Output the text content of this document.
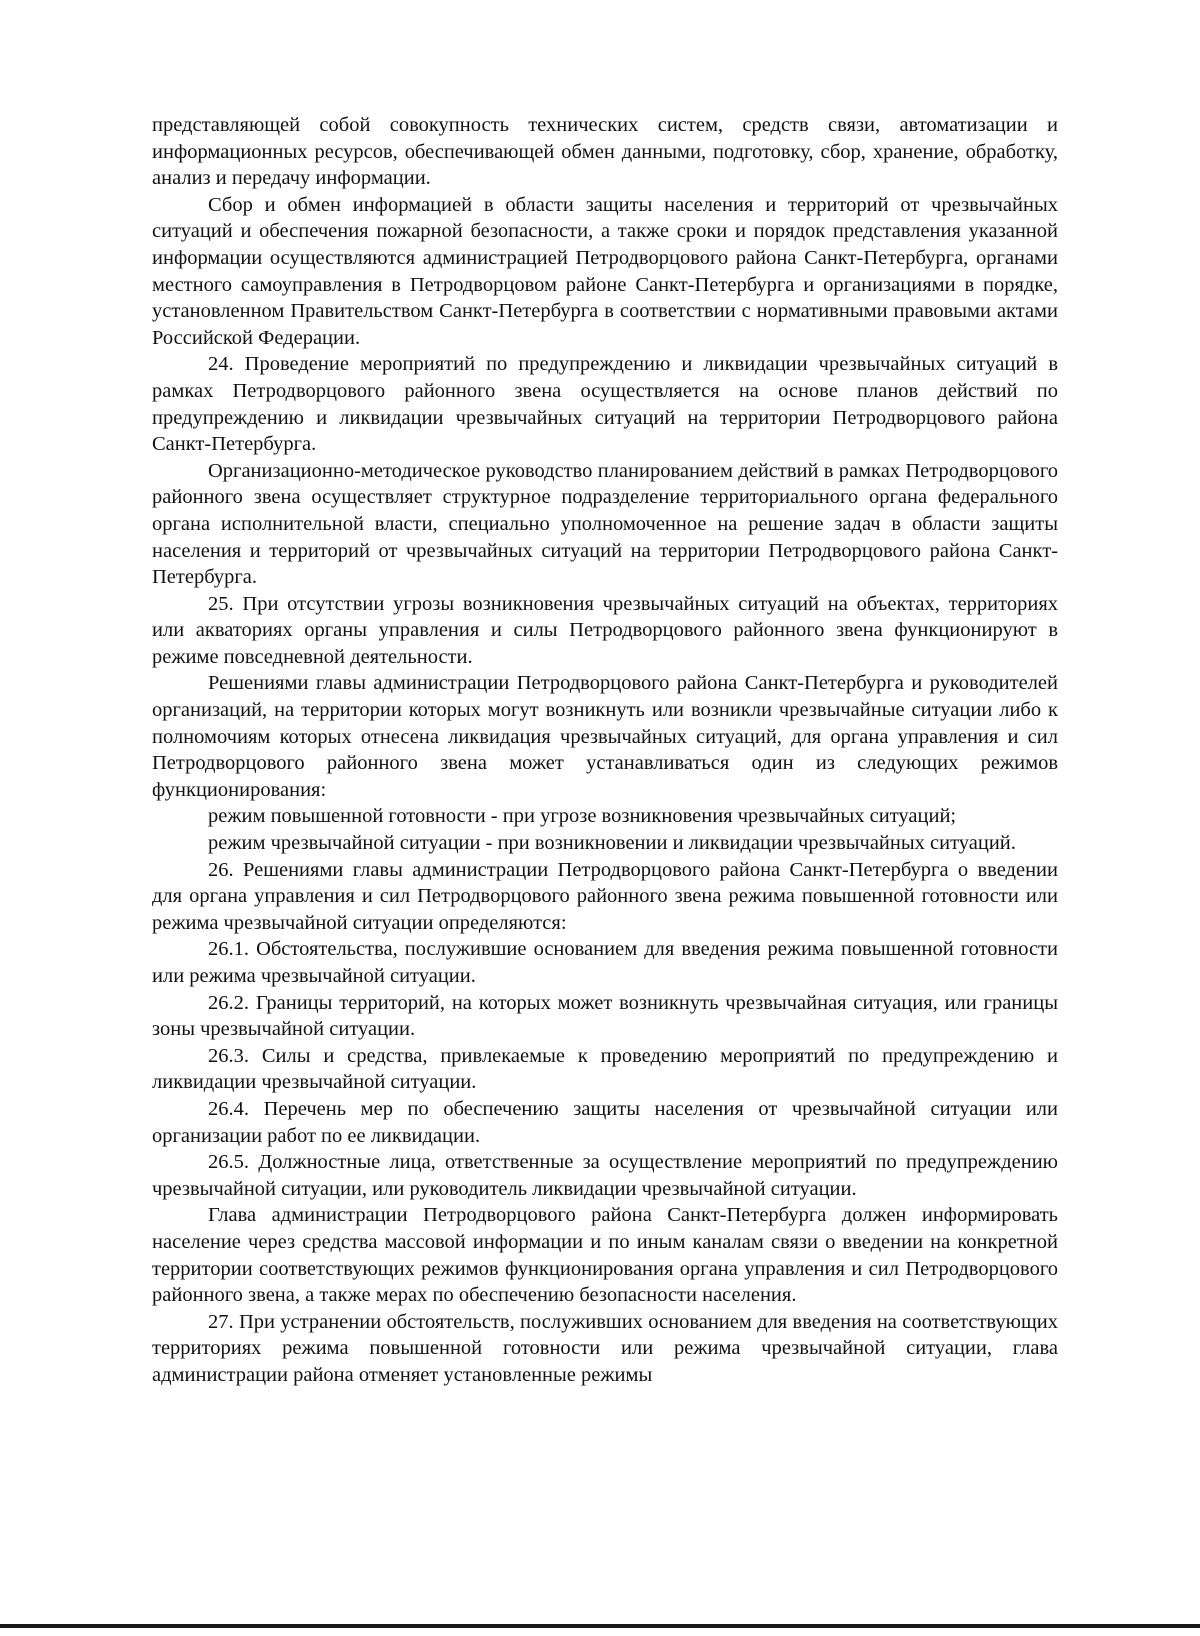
представляющей собой совокупность технических систем, средств связи, автоматизации и информационных ресурсов, обеспечивающей обмен данными, подготовку, сбор, хранение, обработку, анализ и передачу информации.

Сбор и обмен информацией в области защиты населения и территорий от чрезвычайных ситуаций и обеспечения пожарной безопасности, а также сроки и порядок представления указанной информации осуществляются администрацией Петродворцового района Санкт-Петербурга, органами местного самоуправления в Петродворцовом районе Санкт-Петербурга и организациями в порядке, установленном Правительством Санкт-Петербурга в соответствии с нормативными правовыми актами Российской Федерации.

24. Проведение мероприятий по предупреждению и ликвидации чрезвычайных ситуаций в рамках Петродворцового районного звена осуществляется на основе планов действий по предупреждению и ликвидации чрезвычайных ситуаций на территории Петродворцового района Санкт-Петербурга.

Организационно-методическое руководство планированием действий в рамках Петродворцового районного звена осуществляет структурное подразделение территориального органа федерального органа исполнительной власти, специально уполномоченное на решение задач в области защиты населения и территорий от чрезвычайных ситуаций на территории Петродворцового района Санкт-Петербурга.

25. При отсутствии угрозы возникновения чрезвычайных ситуаций на объектах, территориях или акваториях органы управления и силы Петродворцового районного звена функционируют в режиме повседневной деятельности.

Решениями главы администрации Петродворцового района Санкт-Петербурга и руководителей организаций, на территории которых могут возникнуть или возникли чрезвычайные ситуации либо к полномочиям которых отнесена ликвидация чрезвычайных ситуаций, для органа управления и сил Петродворцового районного звена может устанавливаться один из следующих режимов функционирования:

режим повышенной готовности - при угрозе возникновения чрезвычайных ситуаций;

режим чрезвычайной ситуации - при возникновении и ликвидации чрезвычайных ситуаций.

26. Решениями главы администрации Петродворцового района Санкт-Петербурга о введении для органа управления и сил Петродворцового районного звена режима повышенной готовности или режима чрезвычайной ситуации определяются:

26.1. Обстоятельства, послужившие основанием для введения режима повышенной готовности или режима чрезвычайной ситуации.

26.2. Границы территорий, на которых может возникнуть чрезвычайная ситуация, или границы зоны чрезвычайной ситуации.

26.3. Силы и средства, привлекаемые к проведению мероприятий по предупреждению и ликвидации чрезвычайной ситуации.

26.4. Перечень мер по обеспечению защиты населения от чрезвычайной ситуации или организации работ по ее ликвидации.

26.5. Должностные лица, ответственные за осуществление мероприятий по предупреждению чрезвычайной ситуации, или руководитель ликвидации чрезвычайной ситуации.

Глава администрации Петродворцового района Санкт-Петербурга должен информировать население через средства массовой информации и по иным каналам связи о введении на конкретной территории соответствующих режимов функционирования органа управления и сил Петродворцового районного звена, а также мерах по обеспечению безопасности населения.

27. При устранении обстоятельств, послуживших основанием для введения на соответствующих территориях режима повышенной готовности или режима чрезвычайной ситуации, глава администрации района отменяет установленные режимы
